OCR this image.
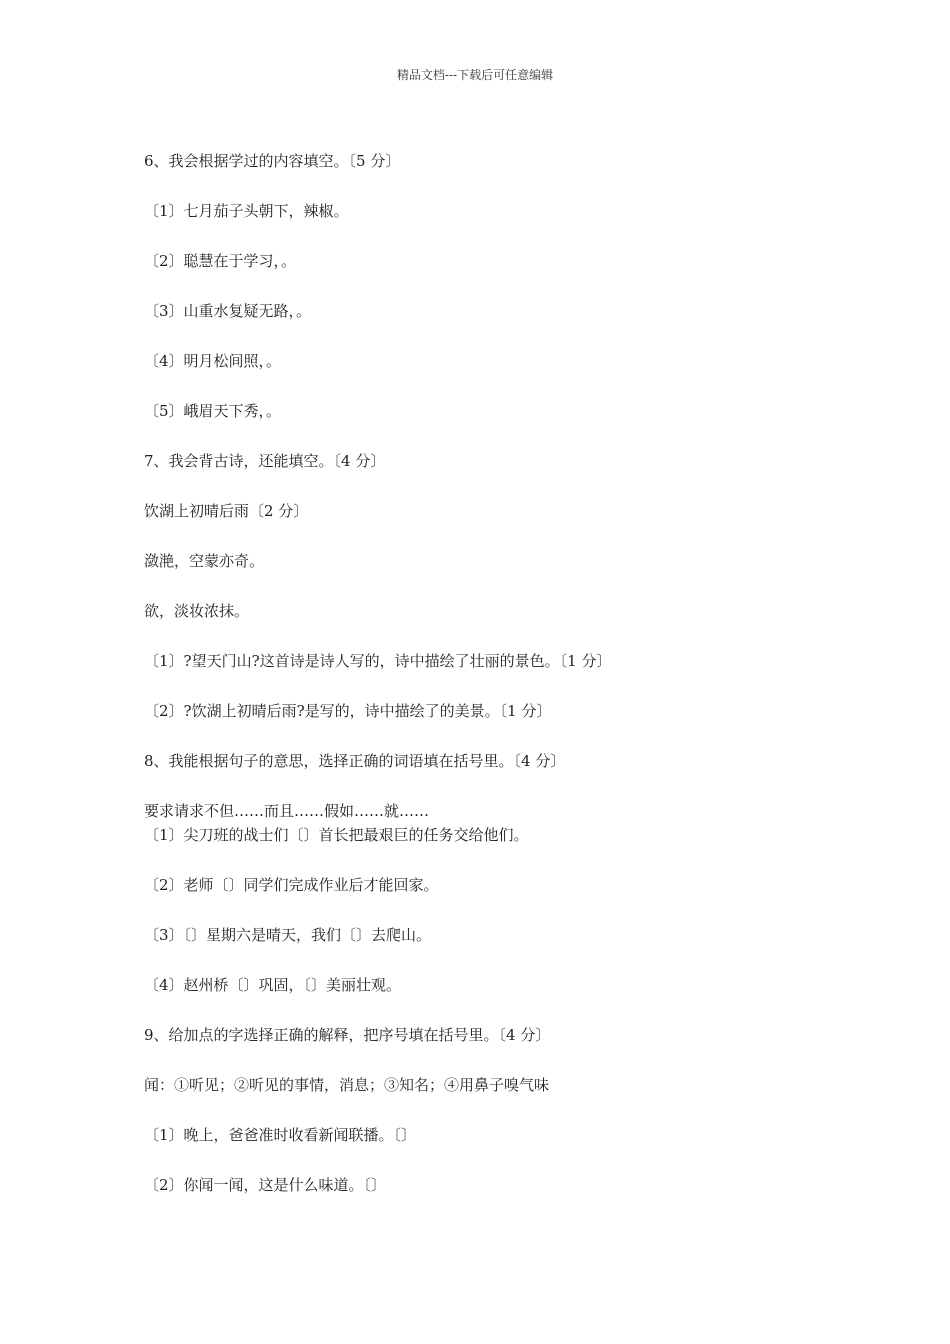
精品文档---下载后可任意编辑
6、我会根据学过的内容填空。〔5 分〕
〔1〕七月茄子头朝下，辣椒。
〔2〕聪慧在于学习，。
〔3〕山重水复疑无路，。
〔4〕明月松间照，。
〔5〕峨眉天下秀，。
7、我会背古诗，还能填空。〔4 分〕
饮湖上初晴后雨〔2 分〕
潋滟，空蒙亦奇。
欲，淡妆浓抹。
〔1〕?望天门山?这首诗是诗人写的，诗中描绘了壮丽的景色。〔1 分〕
〔2〕?饮湖上初晴后雨?是写的，诗中描绘了的美景。〔1 分〕
8、我能根据句子的意思，选择正确的词语填在括号里。〔4 分〕
要求请求不但……而且……假如……就……
〔1〕尖刀班的战士们〔〕首长把最艰巨的任务交给他们。
〔2〕老师〔〕同学们完成作业后才能回家。
〔3〕〔〕星期六是晴天，我们〔〕去爬山。
〔4〕赵州桥〔〕巩固，〔〕美丽壮观。
9、给加点的字选择正确的解释，把序号填在括号里。〔4 分〕
闻：①听见；②听见的事情，消息；③知名；④用鼻子嗅气味
〔1〕晚上，爸爸准时收看新闻联播。〔〕
〔2〕你闻一闻，这是什么味道。〔〕
